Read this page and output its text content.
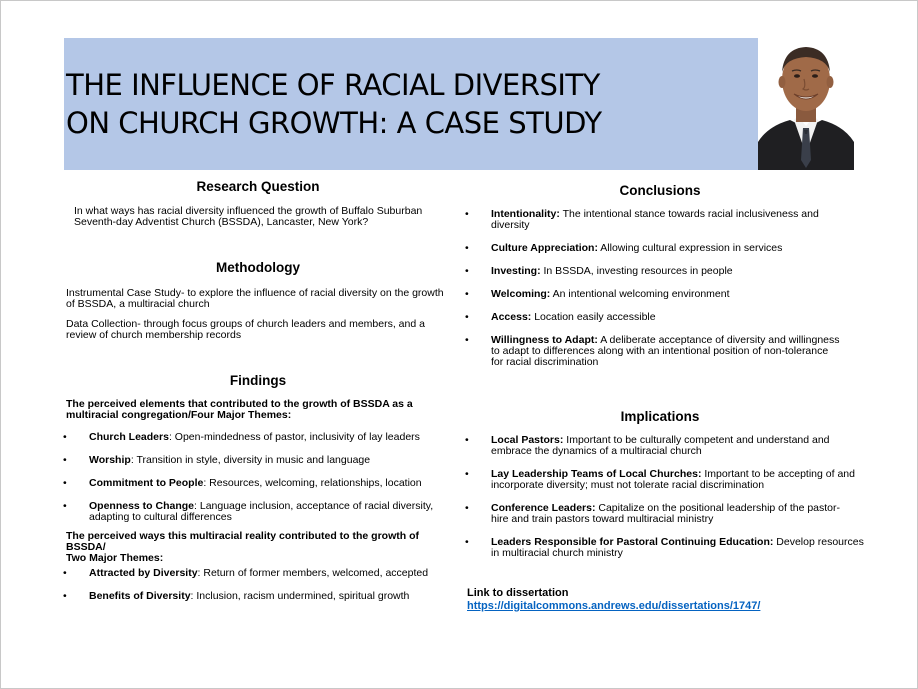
THE INFLUENCE OF RACIAL DIVERSITY
ON CHURCH GROWTH: A CASE STUDY
Research Question
In what ways has racial diversity influenced the growth of Buffalo Suburban
Seventh-day Adventist Church (BSSDA), Lancaster, New York?
Methodology
Instrumental Case Study- to explore the influence of racial diversity on the growth
of BSSDA, a multiracial church
Data Collection- through focus groups of church leaders and members, and a
review of church membership records
Findings
The perceived elements that contributed to the growth of BSSDA as a
multiracial congregation/Four Major Themes:
• Church Leaders: Open-mindedness of pastor, inclusivity of lay leaders
• Worship: Transition in style, diversity in music and language
• Commitment to People: Resources, welcoming, relationships, location
• Openness to Change: Language inclusion, acceptance of racial diversity,
adapting to cultural differences
The perceived ways this multiracial reality contributed to the growth of BSSDA/
Two Major Themes:
• Attracted by Diversity: Return of former members, welcomed, accepted
• Benefits of Diversity: Inclusion, racism undermined, spiritual growth
Conclusions
• Intentionality: The intentional stance towards racial inclusiveness and
diversity
• Culture Appreciation: Allowing cultural expression in services
• Investing: In BSSDA, investing resources in people
• Welcoming: An intentional welcoming environment
• Access: Location easily accessible
• Willingness to Adapt: A deliberate acceptance of diversity and willingness
to adapt to differences along with an intentional position of non-tolerance
for racial discrimination
Implications
• Local Pastors: Important to be culturally competent and understand and
embrace the dynamics of a multiracial church
• Lay Leadership Teams of Local Churches: Important to be accepting of and
incorporate diversity; must not tolerate racial discrimination
• Conference Leaders: Capitalize on the positional leadership of the pastor-
hire and train pastors toward multiracial ministry
• Leaders Responsible for Pastoral Continuing Education: Develop resources
in multiracial church ministry
Link to dissertation
https://digitalcommons.andrews.edu/dissertations/1747/
